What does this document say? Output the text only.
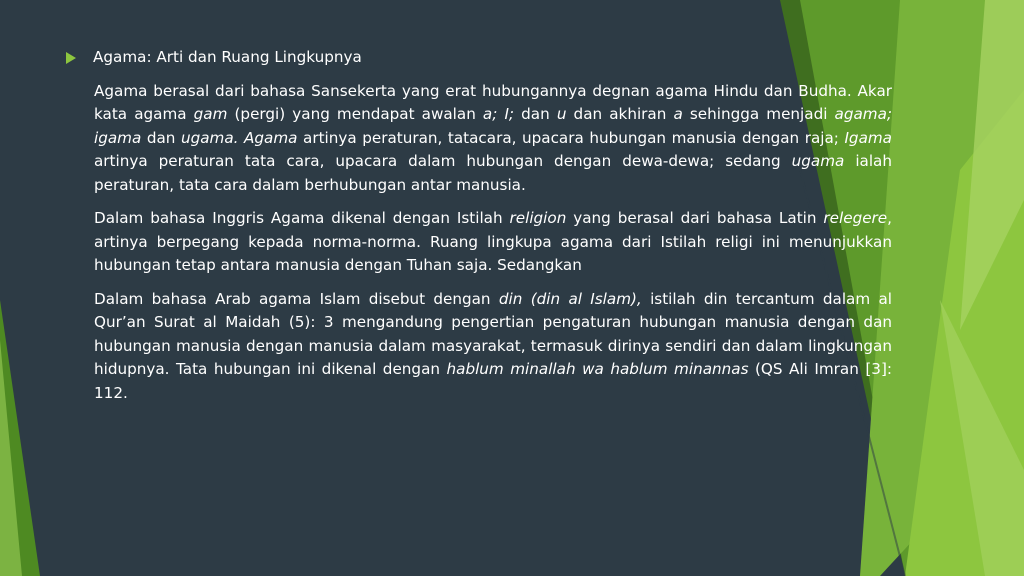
Agama: Arti dan Ruang Lingkupnya
Agama berasal dari bahasa Sansekerta yang erat hubungannya degnan agama Hindu dan Budha. Akar kata agama gam (pergi) yang mendapat awalan a; I; dan u dan akhiran a sehingga menjadi agama; igama dan ugama. Agama artinya peraturan, tatacara, upacara hubungan manusia dengan raja; Igama artinya peraturan tata cara, upacara dalam hubungan dengan dewa-dewa; sedang ugama ialah peraturan, tata cara dalam berhubungan antar manusia.
Dalam bahasa Inggris Agama dikenal dengan Istilah religion yang berasal dari bahasa Latin relegere, artinya berpegang kepada norma-norma. Ruang lingkupa agama dari Istilah religi ini menunjukkan hubungan tetap antara manusia dengan Tuhan saja. Sedangkan
Dalam bahasa Arab agama Islam disebut dengan din (din al Islam), istilah din tercantum dalam al Qur’an Surat al Maidah (5): 3 mengandung pengertian pengaturan hubungan manusia dengan dan hubungan manusia dengan manusia dalam masyarakat, termasuk dirinya sendiri dan dalam lingkungan hidupnya. Tata hubungan ini dikenal dengan hablum minallah wa hablum minannas (QS Ali Imran [3]: 112.
